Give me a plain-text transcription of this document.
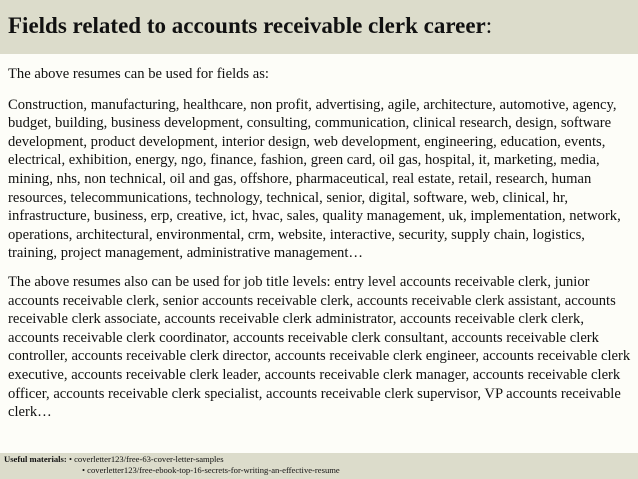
Fields related to accounts receivable clerk career:

The above resumes can be used for fields as:

Construction, manufacturing, healthcare, non profit, advertising, agile, architecture, automotive, agency, budget, building, business development, consulting, communication, clinical research, design, software development, product development, interior design, web development, engineering, education, events, electrical, exhibition, energy, ngo, finance, fashion, green card, oil gas, hospital, it, marketing, media, mining, nhs, non technical, oil and gas, offshore, pharmaceutical, real estate, retail, research, human resources, telecommunications, technology, technical, senior, digital, software, web, clinical, hr, infrastructure, business, erp, creative, ict, hvac, sales, quality management, uk, implementation, network, operations, architectural, environmental, crm, website, interactive, security, supply chain, logistics, training, project management, administrative management…

The above resumes also can be used for job title levels: entry level accounts receivable clerk, junior accounts receivable clerk, senior accounts receivable clerk, accounts receivable clerk assistant, accounts receivable clerk associate, accounts receivable clerk administrator, accounts receivable clerk clerk, accounts receivable clerk coordinator, accounts receivable clerk consultant, accounts receivable clerk controller, accounts receivable clerk director, accounts receivable clerk engineer, accounts receivable clerk executive, accounts receivable clerk leader, accounts receivable clerk manager, accounts receivable clerk officer, accounts receivable clerk specialist, accounts receivable clerk supervisor, VP accounts receivable clerk…

Useful materials: • coverletter123/free-63-cover-letter-samples
• coverletter123/free-ebook-top-16-secrets-for-writing-an-effective-resume
